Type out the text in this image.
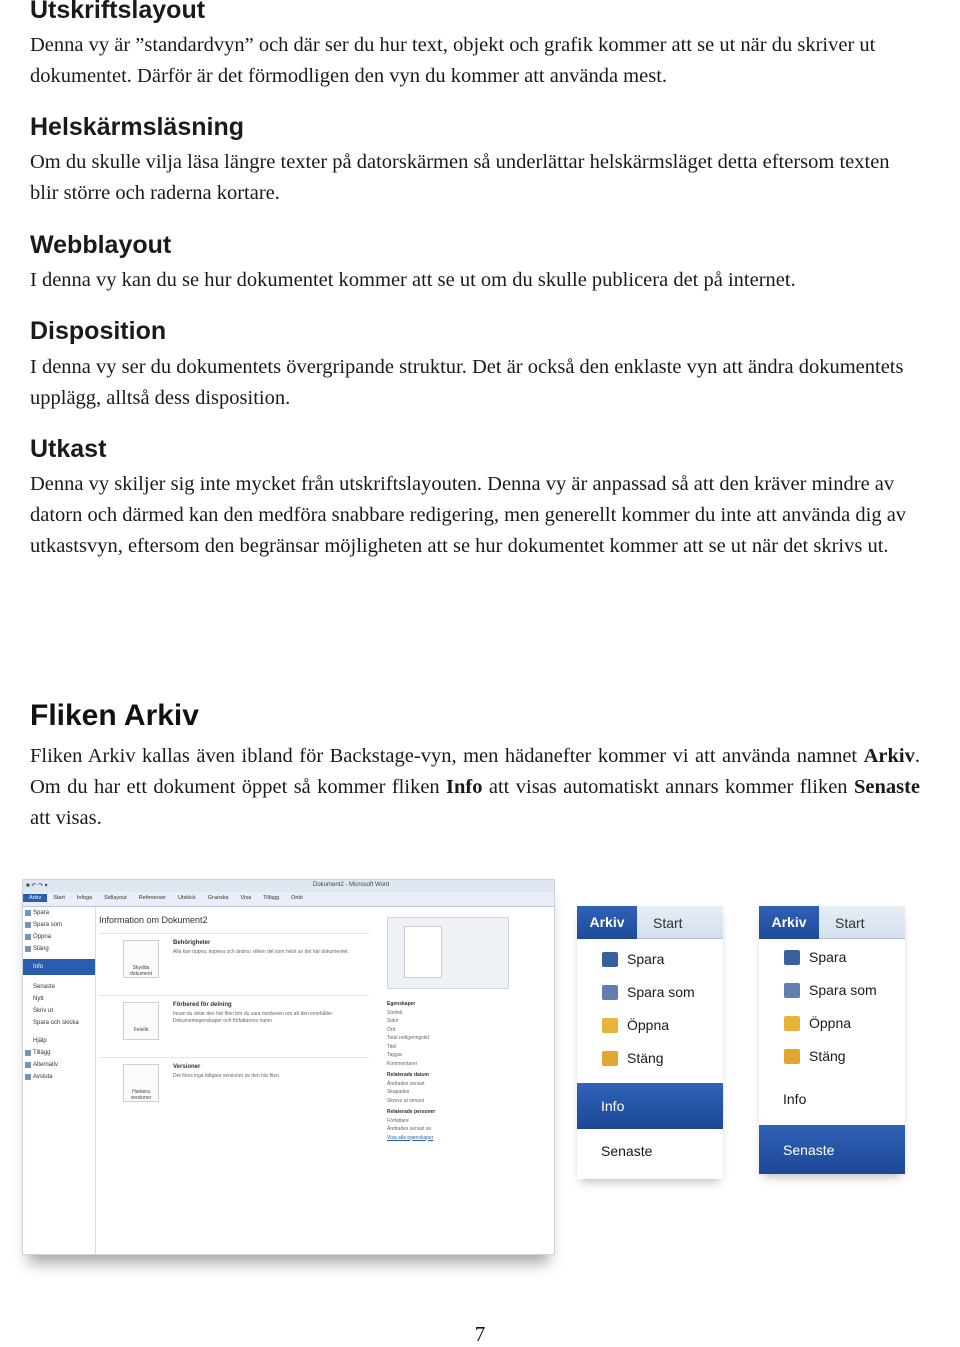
Utskriftslayout

Denna vy är ”standardvyn” och där ser du hur text, objekt och grafik kommer att se ut när du skriver ut dokumentet. Därför är det förmodligen den vyn du kommer att använda mest.

Helskärmsläsning

Om du skulle vilja läsa längre texter på datorskärmen så underlättar helskärmsläget detta eftersom texten blir större och raderna kortare.

Webblayout

I denna vy kan du se hur dokumentet kommer att se ut om du skulle publicera det på internet.

Disposition

I denna vy ser du dokumentets övergripande struktur. Det är också den enklaste vyn att ändra dokumentets upplägg, alltså dess disposition.

Utkast

Denna vy skiljer sig inte mycket från utskriftslayouten. Denna vy är anpassad så att den kräver mindre av datorn och därmed kan den medföra snabbare redigering, men generellt kommer du inte att använda dig av utkastsvyn, eftersom den begränsar möjligheten att se hur dokumentet kommer att se ut när det skrivs ut.

Fliken Arkiv

Fliken Arkiv kallas även ibland för Backstage-vyn, men hädanefter kommer vi att använda namnet Arkiv. Om du har ett dokument öppet så kommer fliken Info att visas automatiskt annars kommer fliken Senaste att visas.

■ ↶ ↷ ▾	Dokument2 - Microsoft Word
Arkiv	Start	Infoga	Sidlayout	Referenser	Utskick	Granska	Visa	Tillägg	Onbi
Spara
Spara som
Öppna
Stäng
Info
Senaste
Nytt
Skriv ut
Spara och skicka
Hjälp
Tillägg
Alternativ
Avsluta
Information om Dokument2
Skydda dokument
Behörigheter
Alla kan öppna, kopiera och ändra i vilken del som helst av det här dokumentet.
Felsök
Förbered för delning
Innan du delar den här filen bör du vara medveten om att den innehåller: Dokumentegenskaper och författarens namn
Hantera versioner
Versioner
Det finns inga tidigare versioner av den här filen.
Egenskaper
Storlek
Sidor
Ord
Total redigeringstid
Titel
Taggar
Kommentarer
Relaterade datum
Ändrades senast
Skapades
Skrevs ut senast
Relaterade personer
Författare
Ändrades senast av
Visa alla egenskaper
Arkiv	Start
Spara
Spara som
Öppna
Stäng
Info
Senaste
Arkiv	Start
Spara
Spara som
Öppna
Stäng
Info
Senaste
7
